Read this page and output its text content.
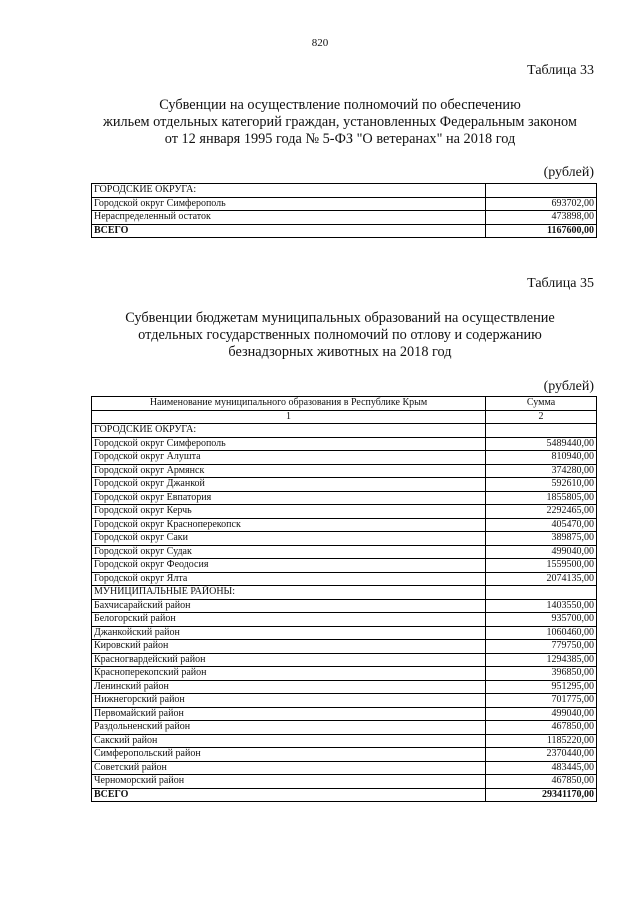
820
Таблица 33
Субвенции на осуществление полномочий по обеспечению
жильем отдельных категорий граждан, установленных Федеральным законом
от 12 января 1995 года № 5-ФЗ "О ветеранах" на 2018 год
(рублей)
ГОРОДСКИЕ ОКРУГА:	
Городской округ Симферополь	693702,00
Нераспределенный остаток	473898,00
ВСЕГО	1167600,00
Таблица 35
Субвенции бюджетам муниципальных образований на осуществление
отдельных государственных полномочий по отлову и содержанию
безнадзорных животных на 2018 год
(рублей)
Наименование муниципального образования в Республике Крым	Сумма
1	2
ГОРОДСКИЕ ОКРУГА:	
Городской округ Симферополь	5489440,00
Городской округ Алушта	810940,00
Городской округ Армянск	374280,00
Городской округ Джанкой	592610,00
Городской округ Евпатория	1855805,00
Городской округ Керчь	2292465,00
Городской округ Красноперекопск	405470,00
Городской округ Саки	389875,00
Городской округ Судак	499040,00
Городской округ Феодосия	1559500,00
Городской округ Ялта	2074135,00
МУНИЦИПАЛЬНЫЕ РАЙОНЫ:	
Бахчисарайский район	1403550,00
Белогорский район	935700,00
Джанкойский район	1060460,00
Кировский район	779750,00
Красногвардейский район	1294385,00
Красноперекопский район	396850,00
Ленинский район	951295,00
Нижнегорский район	701775,00
Первомайский район	499040,00
Раздольненский район	467850,00
Сакский район	1185220,00
Симферопольский район	2370440,00
Советский район	483445,00
Черноморский район	467850,00
ВСЕГО	29341170,00
